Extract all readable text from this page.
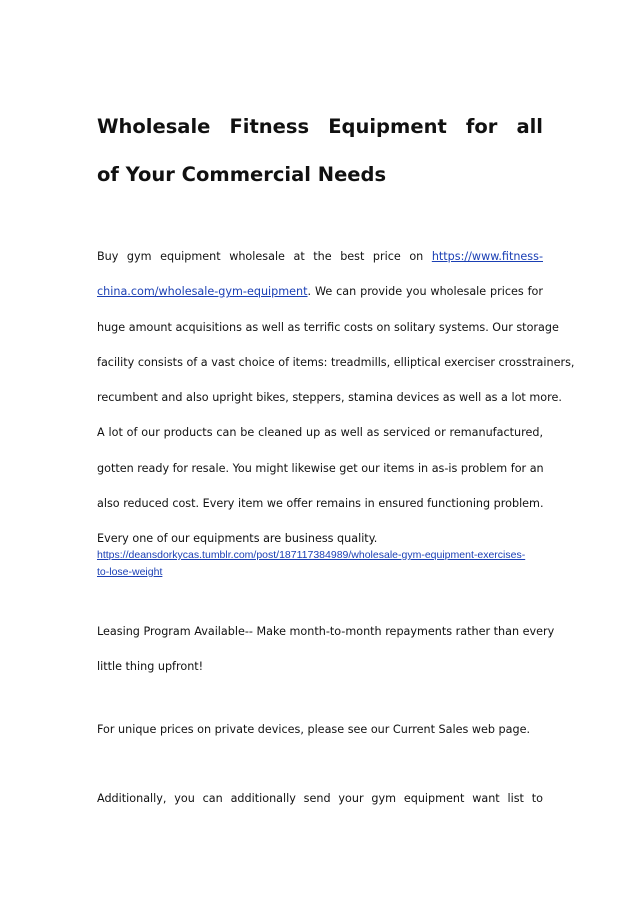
Wholesale Fitness Equipment for all
of Your Commercial Needs
Buy gym equipment wholesale at the best price on https://www.fitness-
china.com/wholesale-gym-equipment. We can provide you wholesale prices for
huge amount acquisitions as well as terrific costs on solitary systems. Our storage
facility consists of a vast choice of items: treadmills, elliptical exerciser crosstrainers,
recumbent and also upright bikes, steppers, stamina devices as well as a lot more.
A lot of our products can be cleaned up as well as serviced or remanufactured,
gotten ready for resale. You might likewise get our items in as-is problem for an
also reduced cost. Every item we offer remains in ensured functioning problem.
Every one of our equipments are business quality.
https://deansdorkycas.tumblr.com/post/187117384989/wholesale-gym-equipment-exercises-
to-lose-weight
Leasing Program Available-- Make month-to-month repayments rather than every
little thing upfront!
For unique prices on private devices, please see our Current Sales web page.
Additionally, you can additionally send your gym equipment want list to
